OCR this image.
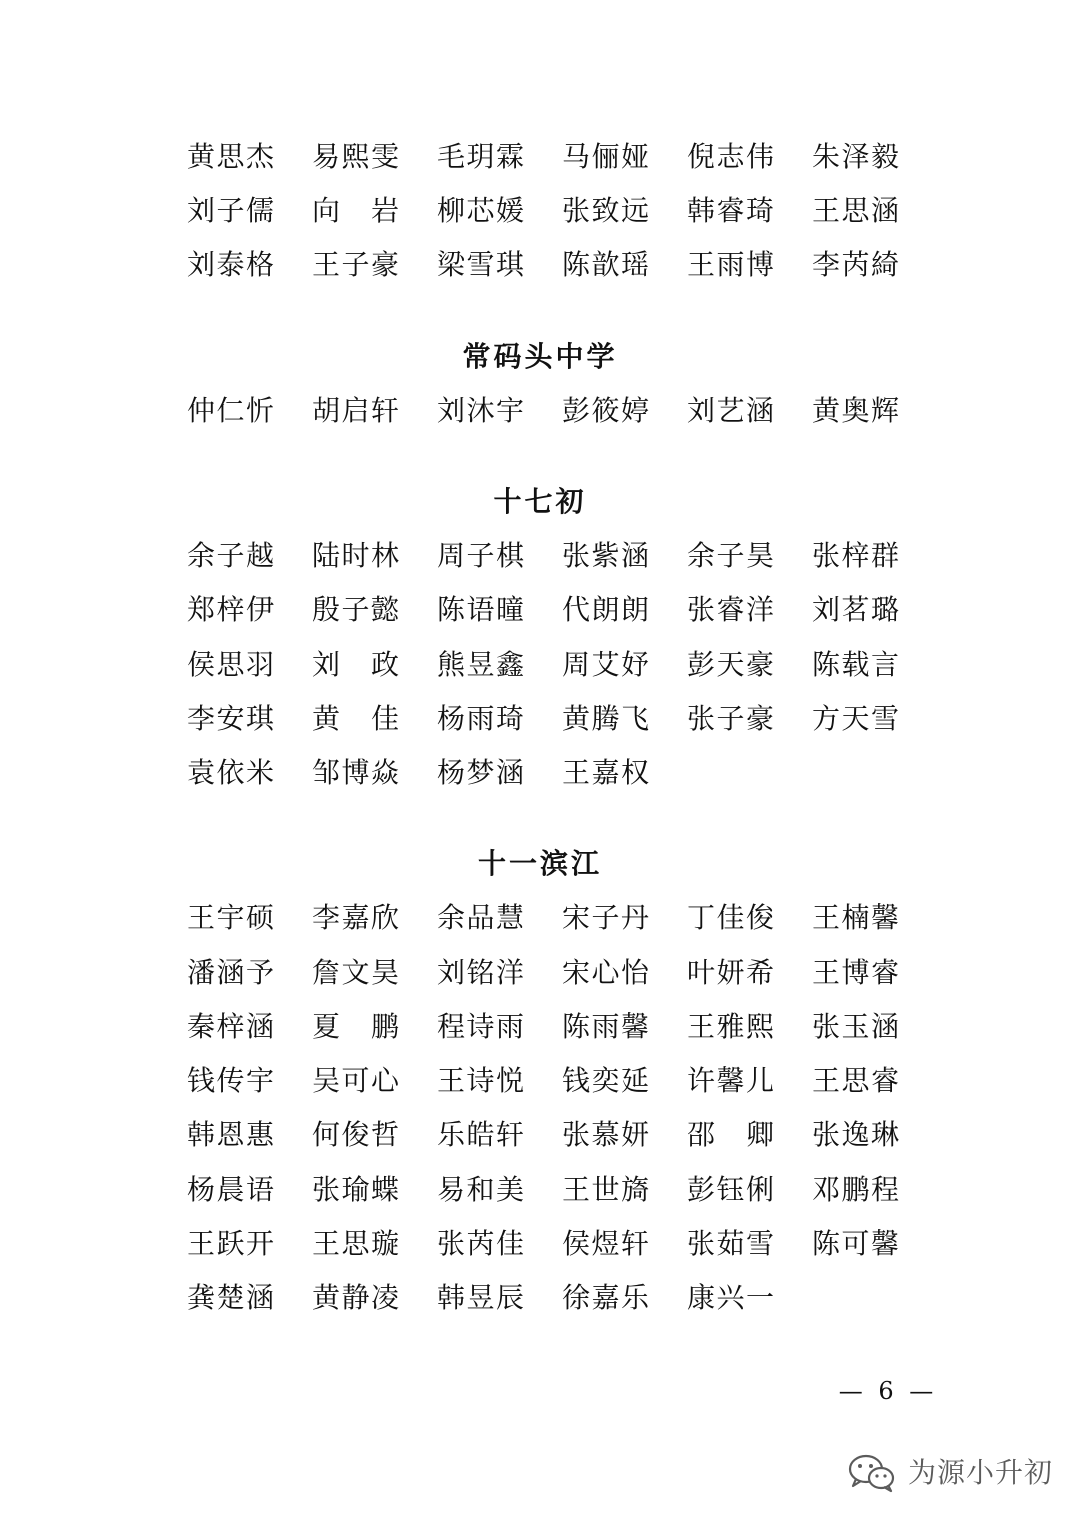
黄思杰 易熙雯 毛玥霖 马俪娅 倪志伟 朱泽毅
刘子儒 向　岩 柳芯媛 张致远 韩睿琦 王思涵
刘泰格 王子豪 梁雪琪 陈歆瑶 王雨博 李芮綺
常码头中学
仲仁忻 胡启轩 刘沐宇 彭筱婷 刘艺涵 黄奥辉
十七初
余子越 陆时林 周子棋 张紫涵 余子昊 张梓群
郑梓伊 殷子懿 陈语曈 代朗朗 张睿洋 刘茗璐
侯思羽 刘　政 熊昱鑫 周艾妤 彭天豪 陈载言
李安琪 黄　佳 杨雨琦 黄腾飞 张子豪 方天雪
袁依米 邹博焱 杨梦涵 王嘉权
十一滨江
王宇硕 李嘉欣 余品慧 宋子丹 丁佳俊 王楠馨
潘涵予 詹文昊 刘铭洋 宋心怡 叶妍希 王博睿
秦梓涵 夏　鹏 程诗雨 陈雨馨 王雅熙 张玉涵
钱传宇 吴可心 王诗悦 钱奕延 许馨儿 王思睿
韩恩惠 何俊哲 乐皓轩 张慕妍 邵　卿 张逸琳
杨晨语 张瑜蝶 易和美 王世旖 彭钰俐 邓鹏程
王跃开 王思璇 张芮佳 侯煜轩 张茹雪 陈可馨
龚楚涵 黄静凌 韩昱辰 徐嘉乐 康兴一
— 6 —
为源小升初
